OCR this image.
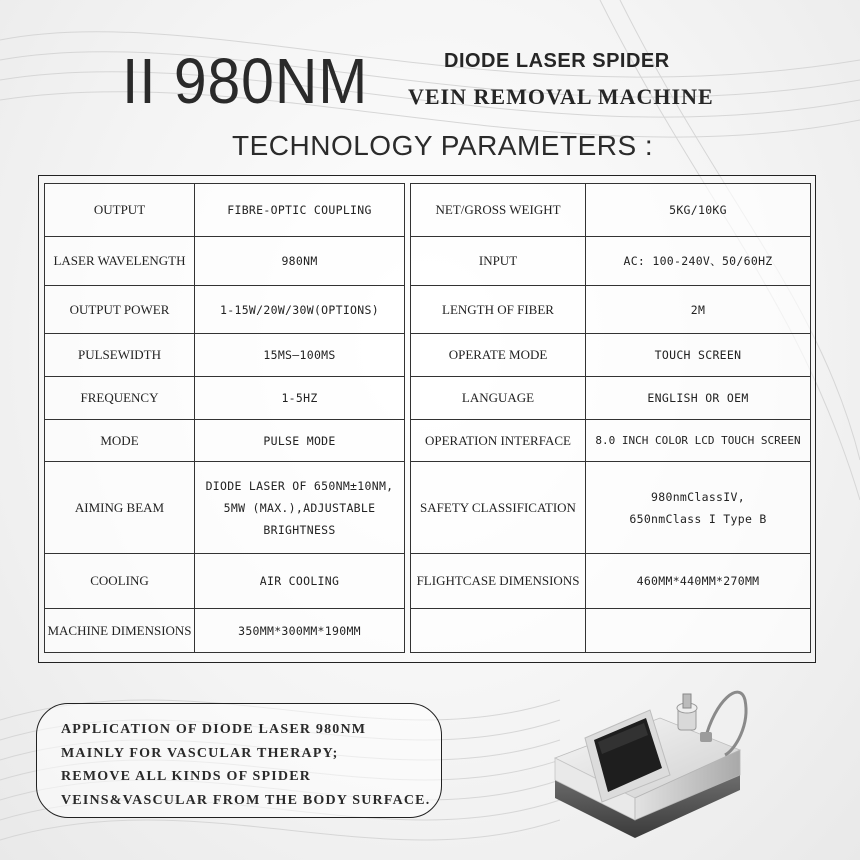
II 980NM	DIODE LASER SPIDER
VEIN REMOVAL MACHINE
TECHNOLOGY PARAMETERS :
OUTPUT	FIBRE-OPTIC COUPLING
LASER WAVELENGTH	980NM
OUTPUT POWER	1-15W/20W/30W(OPTIONS)
PULSEWIDTH	15MS—100MS
FREQUENCY	1-5HZ
MODE	PULSE MODE
AIMING BEAM	DIODE LASER OF 650NM±10NM,
5MW (MAX.),ADJUSTABLE BRIGHTNESS

COOLING	AIR COOLING
MACHINE DIMENSIONS	350MM*300MM*190MM
NET/GROSS WEIGHT	5KG/10KG
INPUT	AC: 100-240V、50/60HZ
LENGTH OF FIBER	2M
OPERATE MODE	TOUCH SCREEN
LANGUAGE	ENGLISH OR OEM
OPERATION INTERFACE	8.0 INCH COLOR LCD TOUCH SCREEN
SAFETY CLASSIFICATION	980nmClassIV,
650nmClass I Type B

FLIGHTCASE DIMENSIONS	460MM*440MM*270MM

APPLICATION OF DIODE LASER 980NM
MAINLY FOR VASCULAR THERAPY;
REMOVE ALL KINDS OF SPIDER
VEINS&VASCULAR FROM THE BODY SURFACE.
